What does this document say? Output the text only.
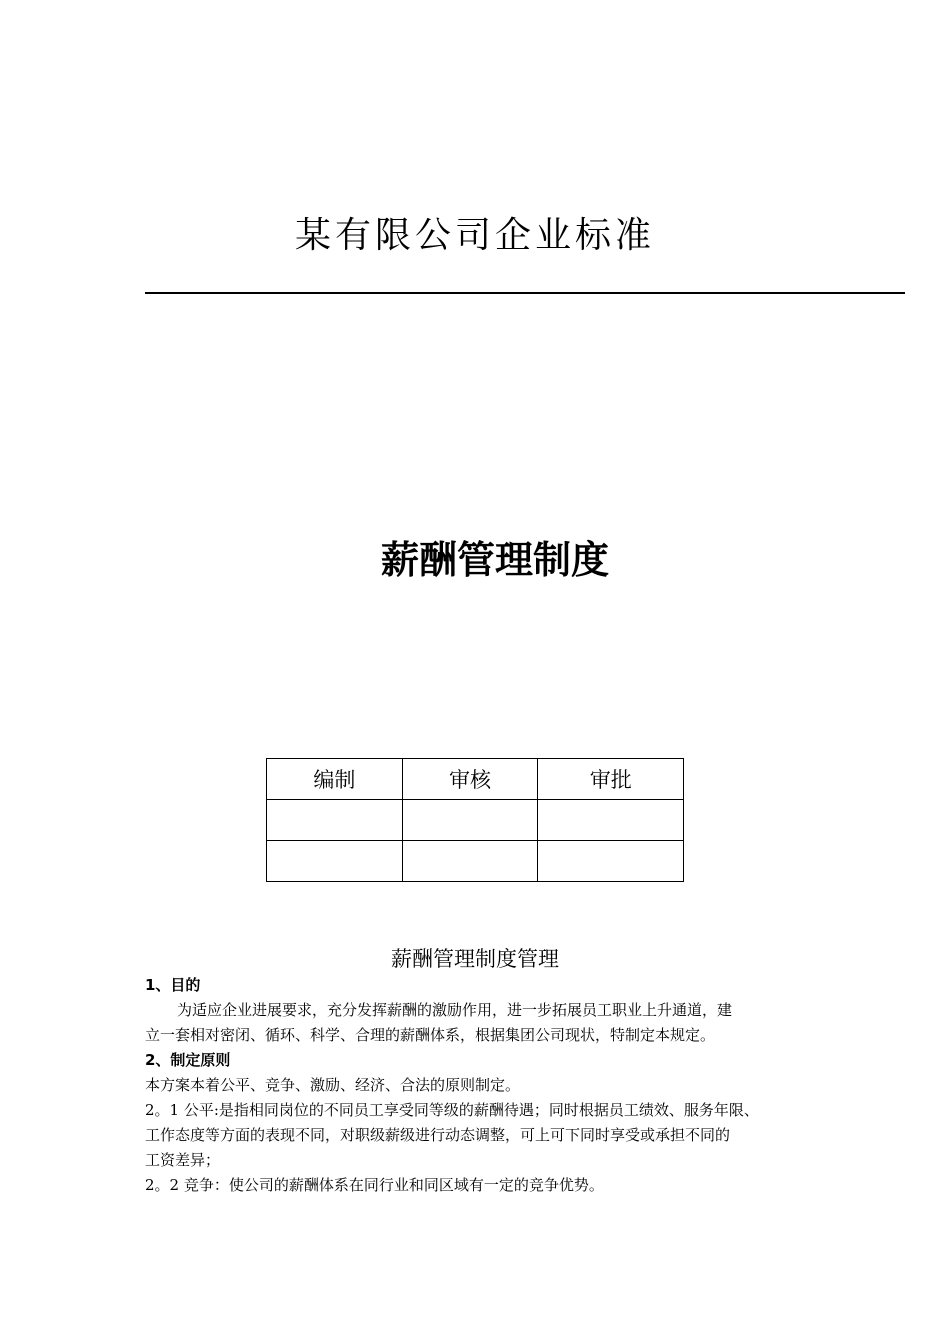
某有限公司企业标准
薪酬管理制度
编制	审核	审批

薪酬管理制度管理

1、目的

为适应企业进展要求，充分发挥薪酬的激励作用，进一步拓展员工职业上升通道，建

立一套相对密闭、循环、科学、合理的薪酬体系，根据集团公司现状，特制定本规定。

2、制定原则

本方案本着公平、竞争、激励、经济、合法的原则制定。

2。1 公平:是指相同岗位的不同员工享受同等级的薪酬待遇；同时根据员工绩效、服务年限、

工作态度等方面的表现不同，对职级薪级进行动态调整，可上可下同时享受或承担不同的

工资差异；

2。2 竞争：使公司的薪酬体系在同行业和同区域有一定的竞争优势。
